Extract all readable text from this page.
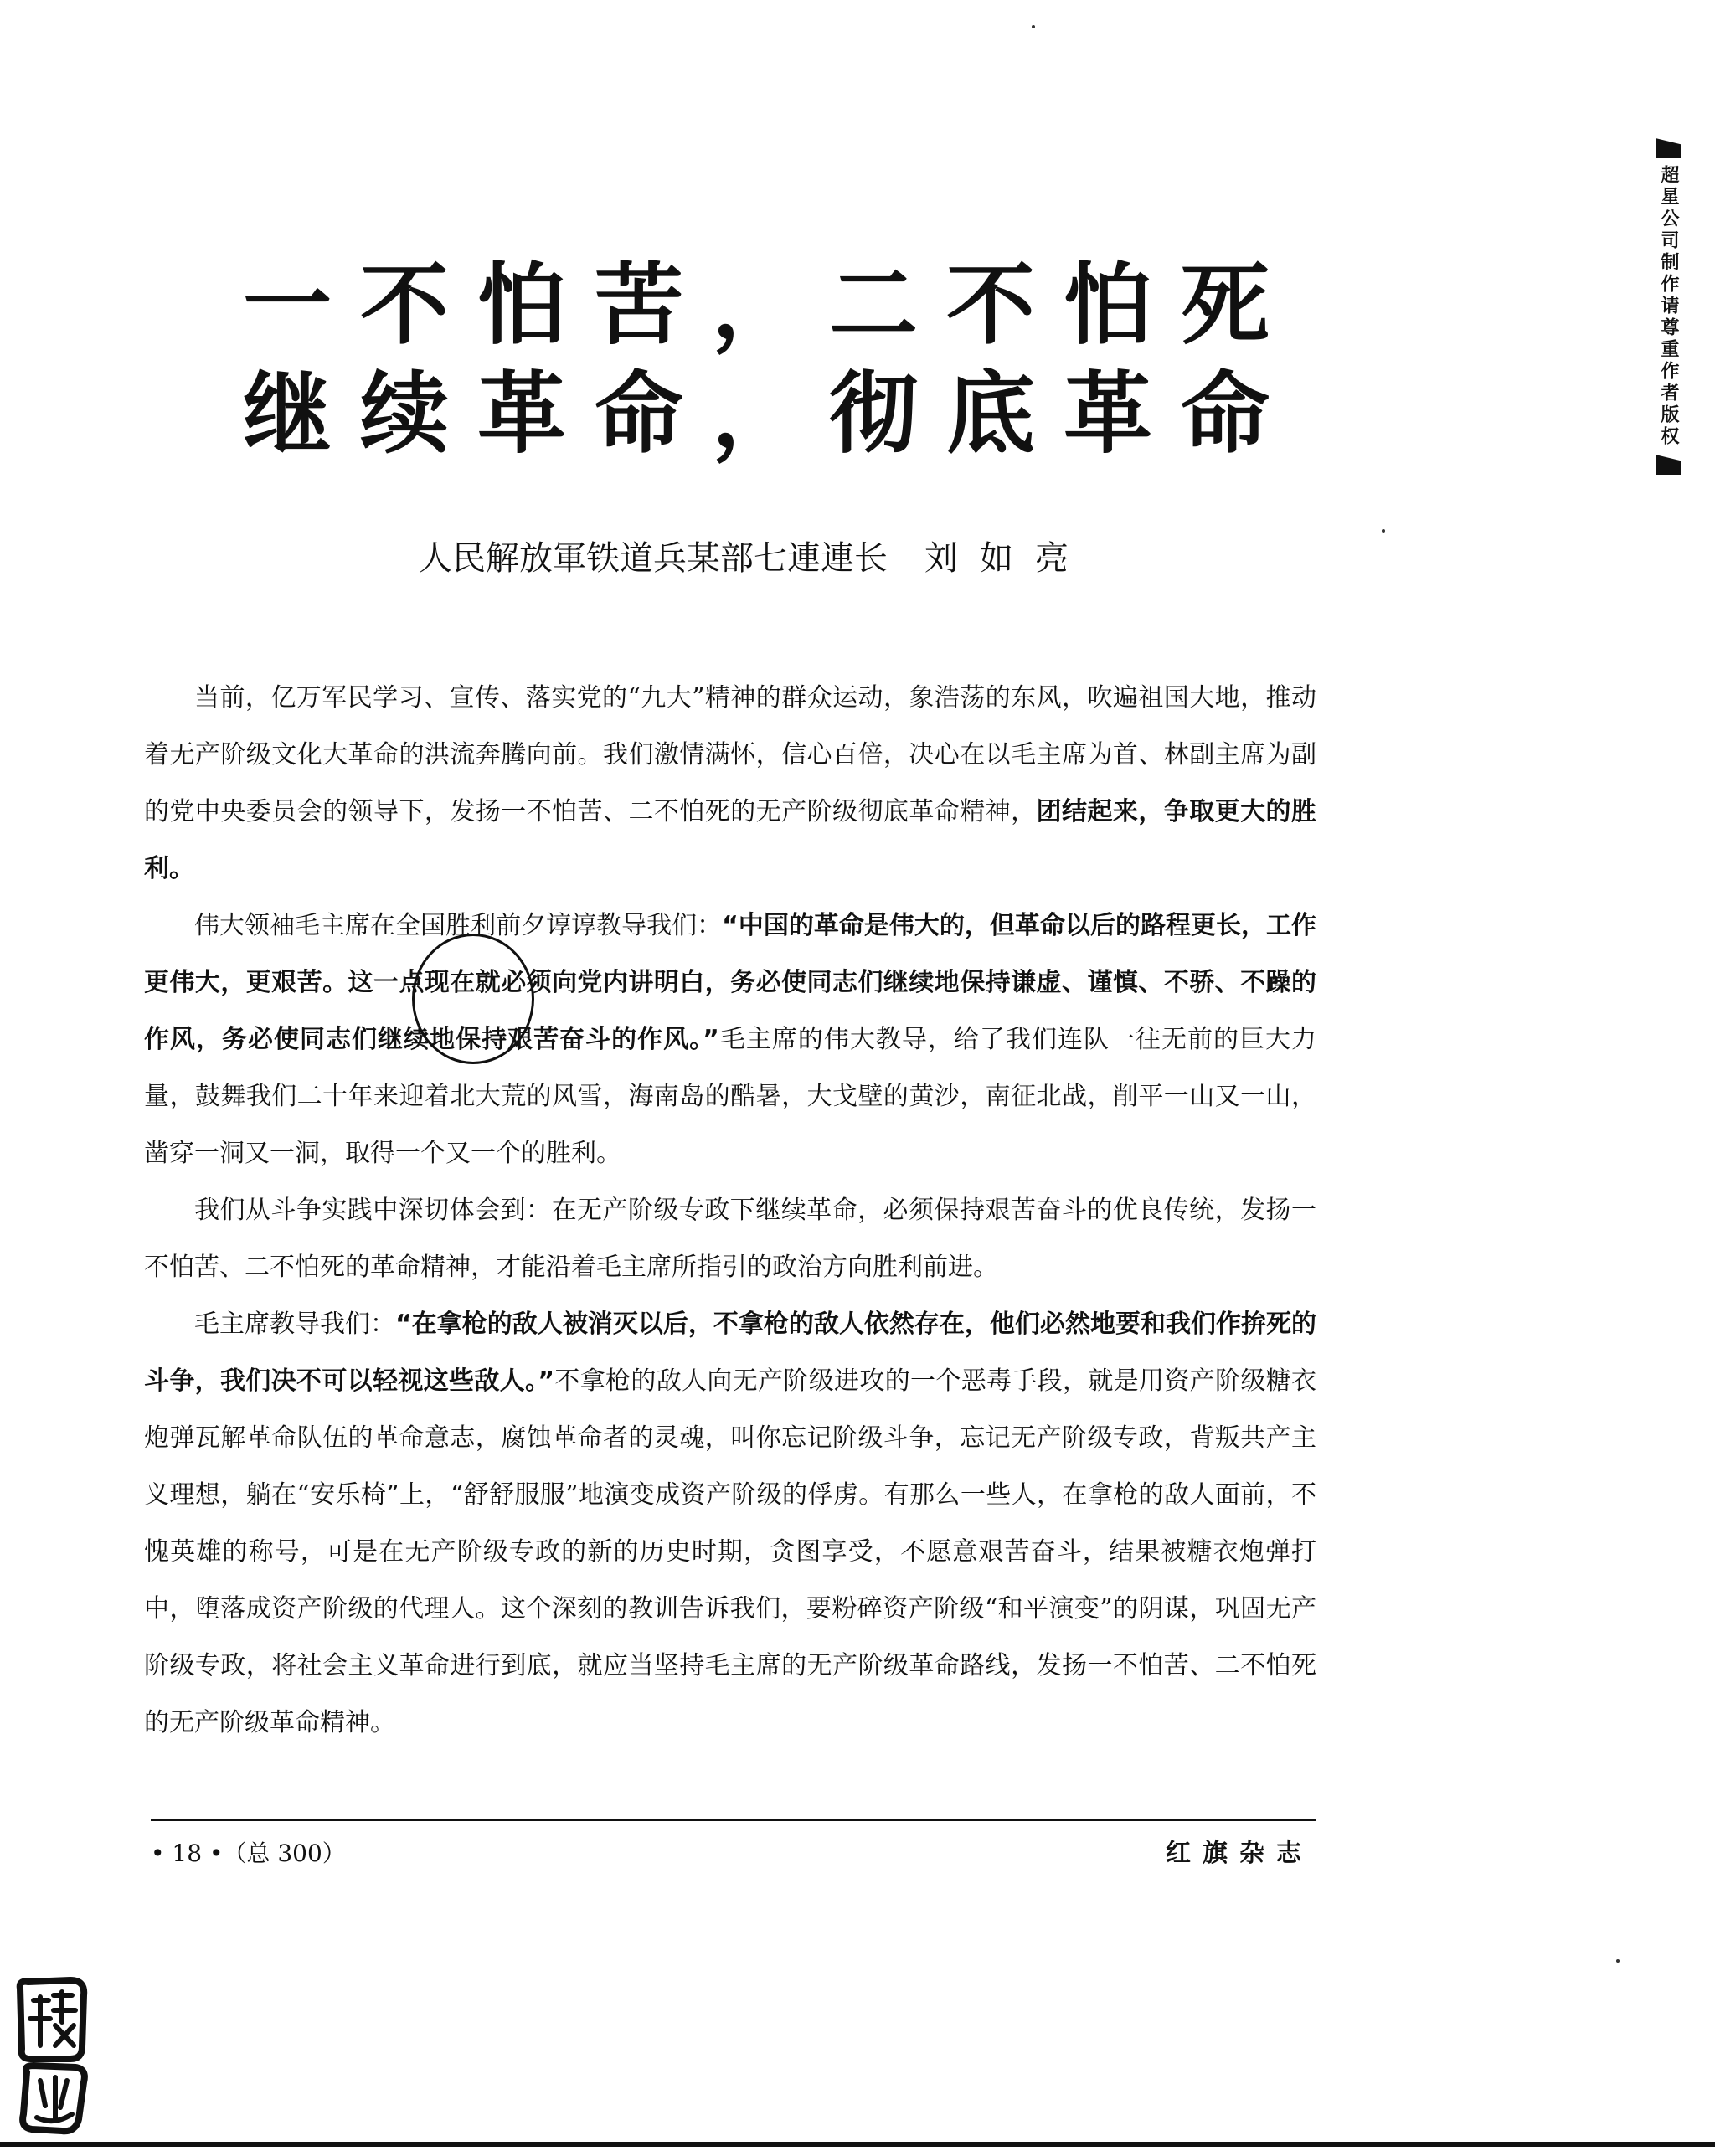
超星公司制作请尊重作者版权
一不怕苦，二不怕死
继续革命，彻底革命
人民解放軍铁道兵某部七連連长 刘如亮

当前，亿万军民学习、宣传、落实党的“九大”精神的群众运动，象浩荡的东风，吹遍祖国大地，推动着无产阶级文化大革命的洪流奔腾向前。我们激情满怀，信心百倍，决心在以毛主席为首、林副主席为副的党中央委员会的领导下，发扬一不怕苦、二不怕死的无产阶级彻底革命精神，团结起来，争取更大的胜利。

伟大领袖毛主席在全国胜利前夕谆谆教导我们：“中国的革命是伟大的，但革命以后的路程更长，工作更伟大，更艰苦。这一点现在就必须向党内讲明白，务必使同志们继续地保持谦虚、谨慎、不骄、不躁的作风，务必使同志们继续地保持艰苦奋斗的作风。”毛主席的伟大教导，给了我们连队一往无前的巨大力量，鼓舞我们二十年来迎着北大荒的风雪，海南岛的酷暑，大戈壁的黄沙，南征北战，削平一山又一山，凿穿一洞又一洞，取得一个又一个的胜利。

我们从斗争实践中深切体会到：在无产阶级专政下继续革命，必须保持艰苦奋斗的优良传统，发扬一不怕苦、二不怕死的革命精神，才能沿着毛主席所指引的政治方向胜利前进。

毛主席教导我们：“在拿枪的敌人被消灭以后，不拿枪的敌人依然存在，他们必然地要和我们作拚死的斗争，我们决不可以轻视这些敌人。”不拿枪的敌人向无产阶级进攻的一个恶毒手段，就是用资产阶级糖衣炮弹瓦解革命队伍的革命意志，腐蚀革命者的灵魂，叫你忘记阶级斗争，忘记无产阶级专政，背叛共产主义理想，躺在“安乐椅”上，“舒舒服服”地演变成资产阶级的俘虏。有那么一些人，在拿枪的敌人面前，不愧英雄的称号，可是在无产阶级专政的新的历史时期，贪图享受，不愿意艰苦奋斗，结果被糖衣炮弹打中，堕落成资产阶级的代理人。这个深刻的教训告诉我们，要粉碎资产阶级“和平演变”的阴谋，巩固无产阶级专政，将社会主义革命进行到底，就应当坚持毛主席的无产阶级革命路线，发扬一不怕苦、二不怕死的无产阶级革命精神。

• 18 •（总 300）	红旗杂志
